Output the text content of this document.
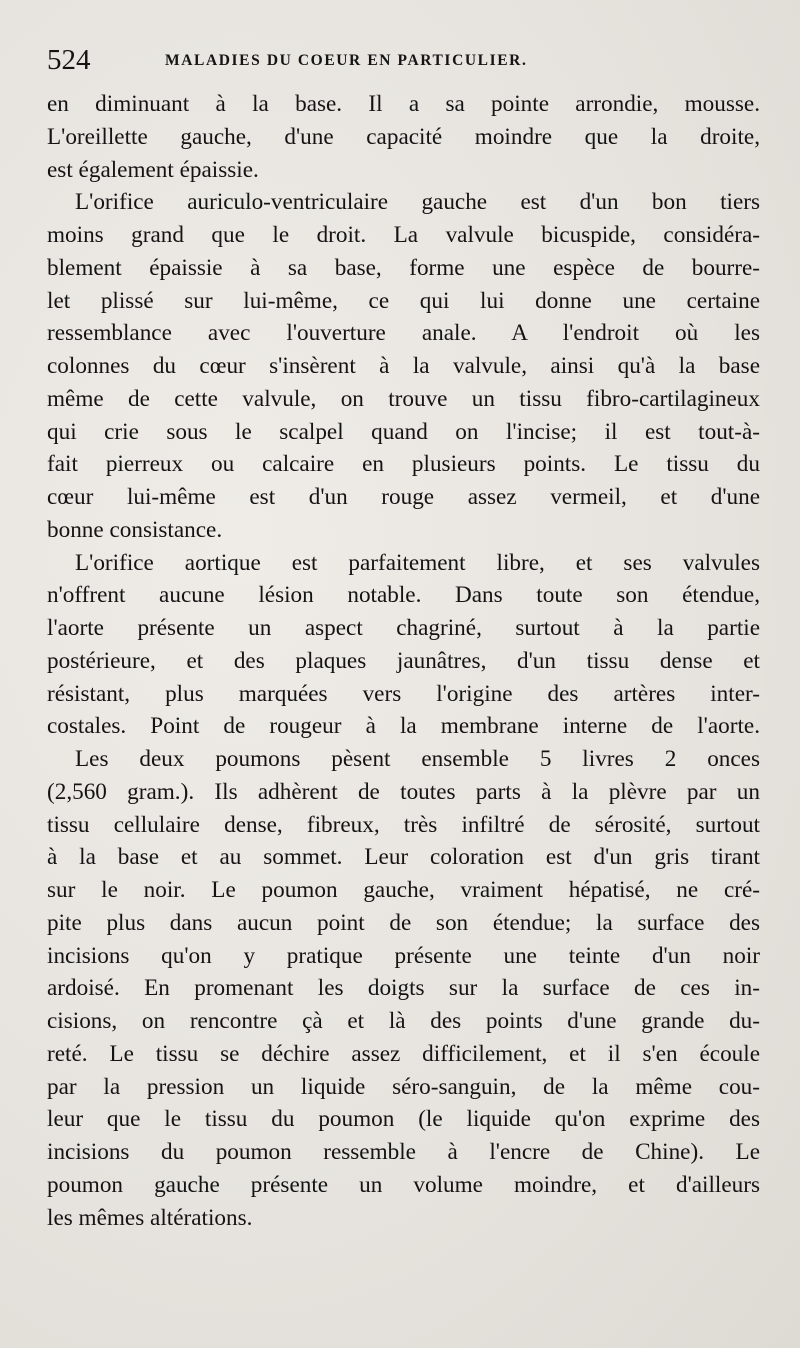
524	MALADIES DU COEUR EN PARTICULIER.
en diminuant à la base. Il a sa pointe arrondie, mousse.
L'oreillette gauche, d'une capacité moindre que la droite,
est également épaissie.
L'orifice auriculo-ventriculaire gauche est d'un bon tiers
moins grand que le droit. La valvule bicuspide, considéra-
blement épaissie à sa base, forme une espèce de bourre-
let plissé sur lui-même, ce qui lui donne une certaine
ressemblance avec l'ouverture anale. A l'endroit où les
colonnes du cœur s'insèrent à la valvule, ainsi qu'à la base
même de cette valvule, on trouve un tissu fibro-cartilagineux
qui crie sous le scalpel quand on l'incise; il est tout-à-
fait pierreux ou calcaire en plusieurs points. Le tissu du
cœur lui-même est d'un rouge assez vermeil, et d'une
bonne consistance.
L'orifice aortique est parfaitement libre, et ses valvules
n'offrent aucune lésion notable. Dans toute son étendue,
l'aorte présente un aspect chagriné, surtout à la partie
postérieure, et des plaques jaunâtres, d'un tissu dense et
résistant, plus marquées vers l'origine des artères inter-
costales. Point de rougeur à la membrane interne de l'aorte.
Les deux poumons pèsent ensemble 5 livres 2 onces
(2,560 gram.). Ils adhèrent de toutes parts à la plèvre par un
tissu cellulaire dense, fibreux, très infiltré de sérosité, surtout
à la base et au sommet. Leur coloration est d'un gris tirant
sur le noir. Le poumon gauche, vraiment hépatisé, ne cré-
pite plus dans aucun point de son étendue; la surface des
incisions qu'on y pratique présente une teinte d'un noir
ardoisé. En promenant les doigts sur la surface de ces in-
cisions, on rencontre çà et là des points d'une grande du-
reté. Le tissu se déchire assez difficilement, et il s'en écoule
par la pression un liquide séro-sanguin, de la même cou-
leur que le tissu du poumon (le liquide qu'on exprime des
incisions du poumon ressemble à l'encre de Chine). Le
poumon gauche présente un volume moindre, et d'ailleurs
les mêmes altérations.
